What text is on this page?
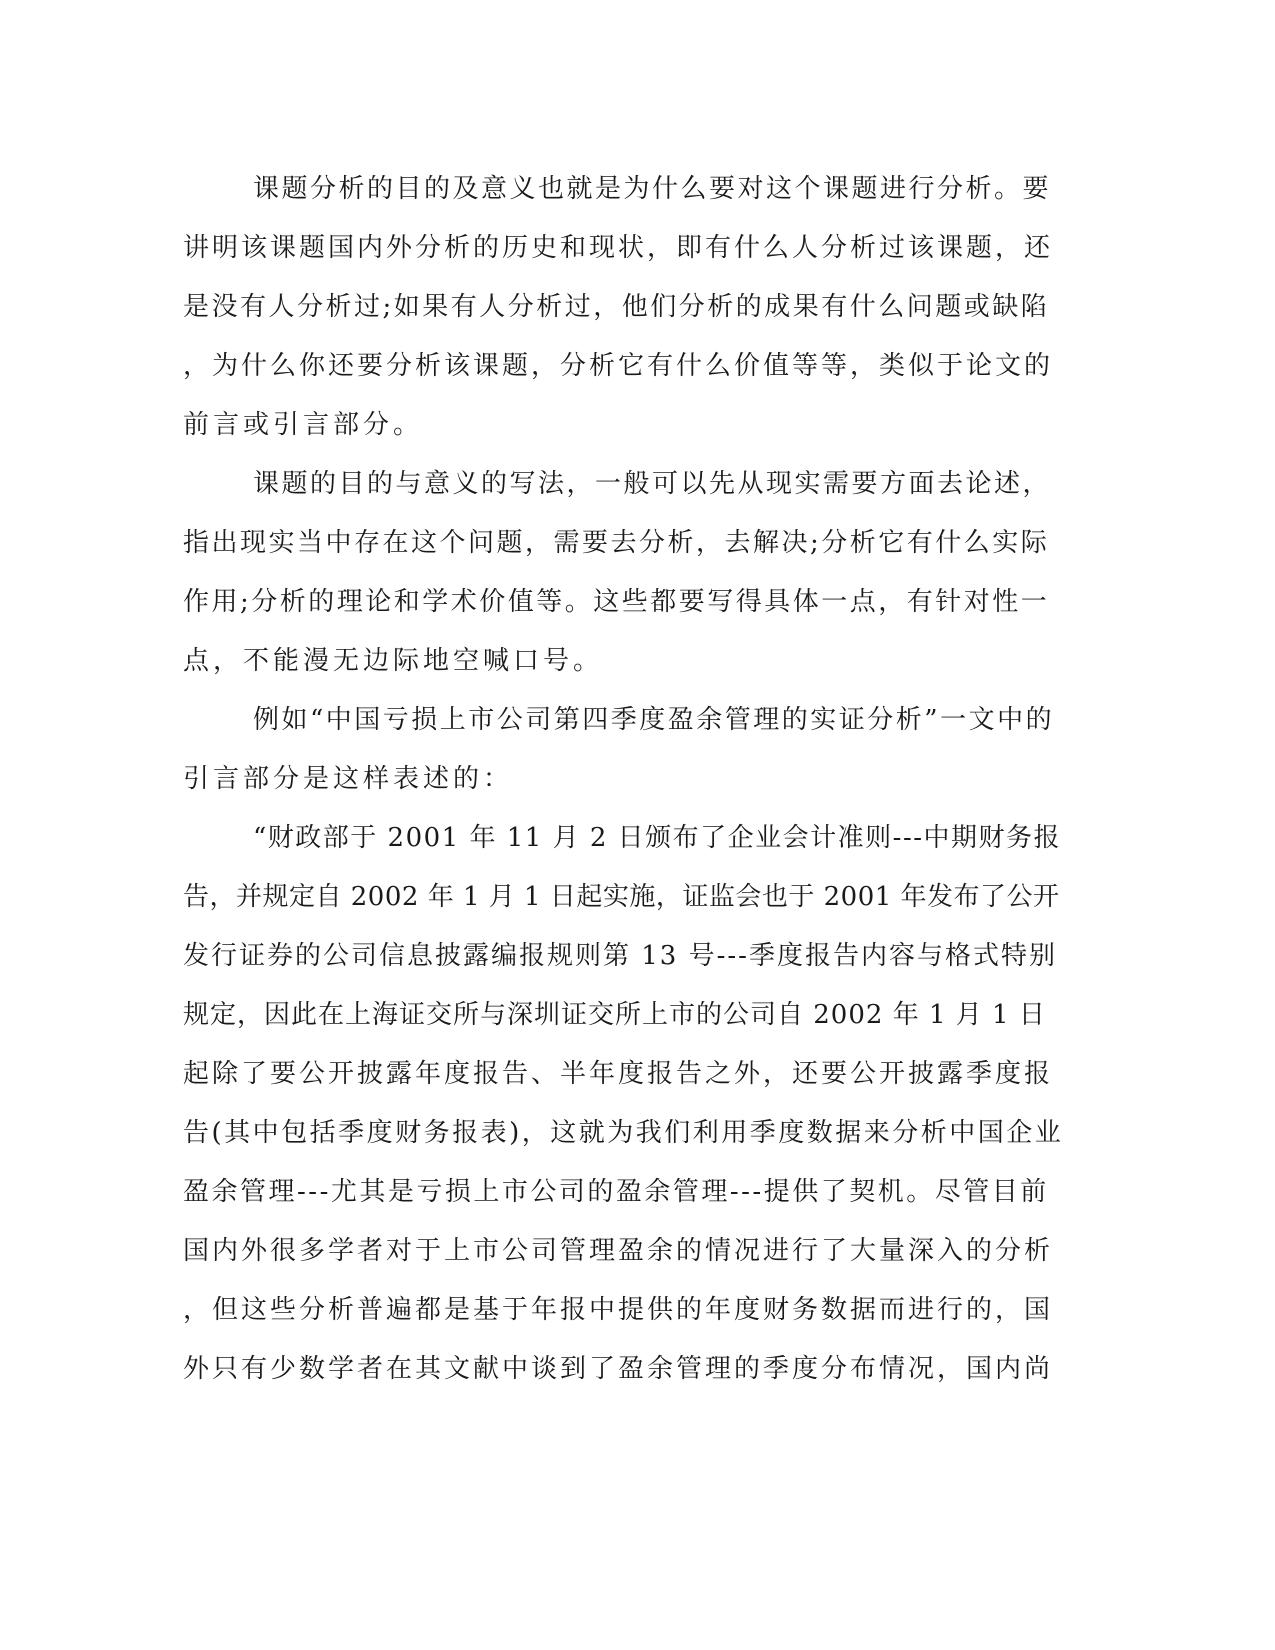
课题分析的目的及意义也就是为什么要对这个课题进行分析。要
讲明该课题国内外分析的历史和现状，即有什么人分析过该课题，还
是没有人分析过;如果有人分析过，他们分析的成果有什么问题或缺陷
，为什么你还要分析该课题，分析它有什么价值等等，类似于论文的
前言或引言部分。
课题的目的与意义的写法，一般可以先从现实需要方面去论述，
指出现实当中存在这个问题，需要去分析，去解决;分析它有什么实际
作用;分析的理论和学术价值等。这些都要写得具体一点，有针对性一
点，不能漫无边际地空喊口号。
例如“中国亏损上市公司第四季度盈余管理的实证分析”一文中的
引言部分是这样表述的：
“财政部于 2001 年 11 月 2 日颁布了企业会计准则---中期财务报
告，并规定自 2002 年 1 月 1 日起实施，证监会也于 2001 年发布了公开
发行证券的公司信息披露编报规则第 13 号---季度报告内容与格式特别
规定，因此在上海证交所与深圳证交所上市的公司自 2002 年 1 月 1 日
起除了要公开披露年度报告、半年度报告之外，还要公开披露季度报
告(其中包括季度财务报表)，这就为我们利用季度数据来分析中国企业
盈余管理---尤其是亏损上市公司的盈余管理---提供了契机。尽管目前
国内外很多学者对于上市公司管理盈余的情况进行了大量深入的分析
，但这些分析普遍都是基于年报中提供的年度财务数据而进行的，国
外只有少数学者在其文献中谈到了盈余管理的季度分布情况，国内尚
